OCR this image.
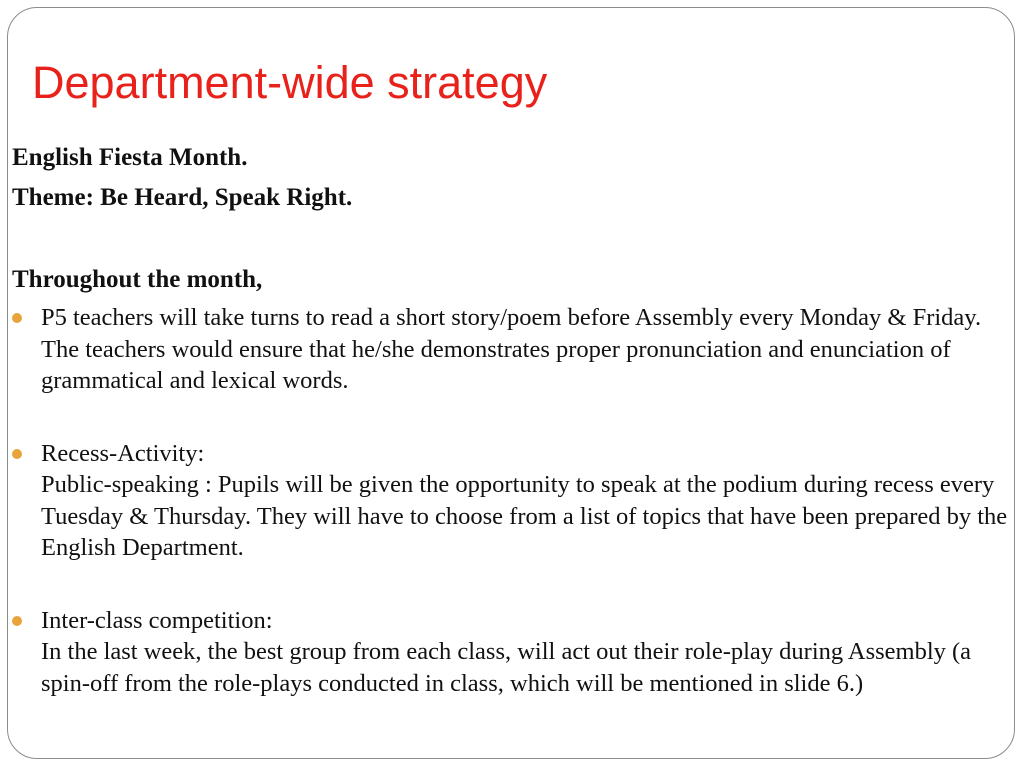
Department-wide strategy

English Fiesta Month.

Theme: Be Heard, Speak Right.

Throughout the month,

P5 teachers will take turns to read a short story/poem before Assembly every Monday & Friday. The teachers would ensure that he/she demonstrates proper pronunciation and enunciation of grammatical and lexical words.

Recess-Activity:

Public-speaking : Pupils will be given the opportunity to speak at the podium during recess every Tuesday & Thursday. They will have to choose from a list of topics that have been prepared by the English Department.

Inter-class competition:

In the last week, the best group from each class, will act out their role-play during Assembly (a spin-off from the role-plays conducted in class, which will be mentioned in slide 6.)
